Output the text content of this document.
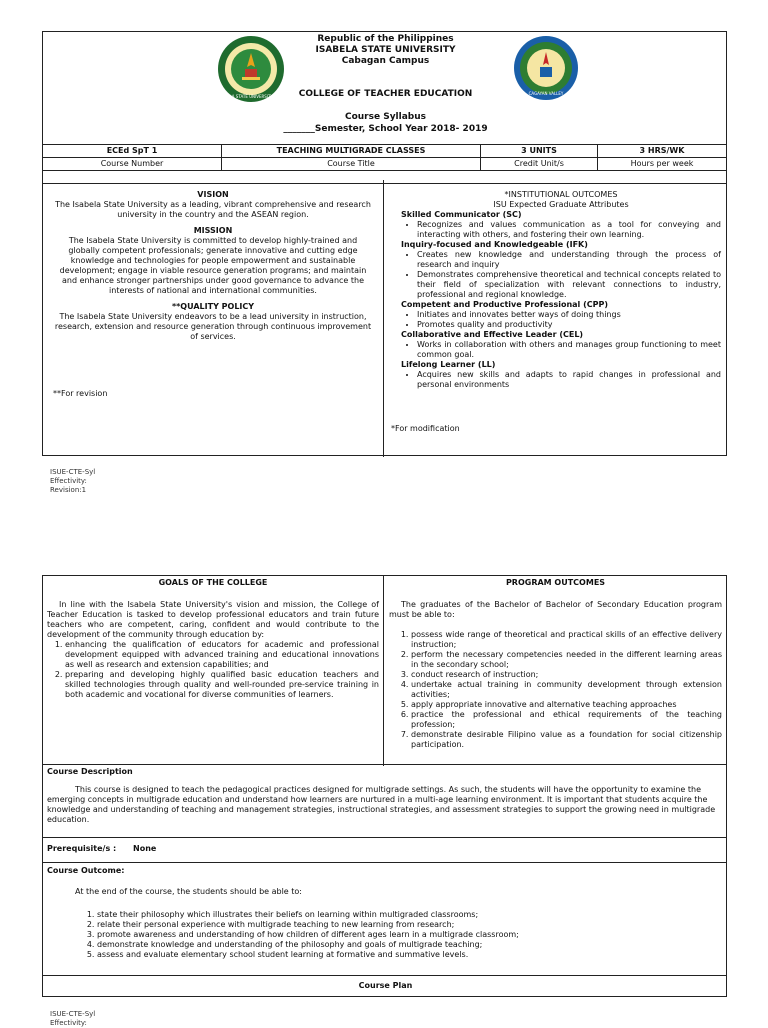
ISABELA STATE UNIVERSITY 1978
CAGAYAN VALLEY
Republic of the Philippines
ISABELA STATE UNIVERSITY
Cabagan Campus
COLLEGE OF TEACHER EDUCATION
Course Syllabus
_______Semester, School Year 2018- 2019
ECEd SpT 1	TEACHING MULTIGRADE CLASSES	3 UNITS	3 HRS/WK
Course Number	Course Title	Credit Unit/s	Hours per week

VISION
The Isabela State University as a leading, vibrant comprehensive and research university in the country and the ASEAN region.
MISSION
The Isabela State University is committed to develop highly-trained and globally competent professionals; generate innovative and cutting edge knowledge and technologies for people empowerment and sustainable development; engage in viable resource generation programs; and maintain and enhance stronger partnerships under good governance to advance the interests of national and international communities.
**QUALITY POLICY
The Isabela State University endeavors to be a lead university in instruction, research, extension and resource generation through continuous improvement of services.
**For revision
*INSTITUTIONAL OUTCOMES
ISU Expected Graduate Attributes
Skilled Communicator (SC)
• Recognizes and values communication as a tool for conveying and interacting with others, and fostering their own learning.
Inquiry-focused and Knowledgeable (IFK)
• Creates new knowledge and understanding through the process of research and inquiry
• Demonstrates comprehensive theoretical and technical concepts related to their field of specialization with relevant connections to industry, professional and regional knowledge.
Competent and Productive Professional (CPP)
• Initiates and innovates better ways of doing things
• Promotes quality and productivity
Collaborative and Effective Leader (CEL)
• Works in collaboration with others and manages group functioning to meet common goal.
Lifelong Learner (LL)
• Acquires new skills and adapts to rapid changes in professional and personal environments
*For modification
ISUE-CTE-Syl
Effectivity:
Revision:1
GOALS OF THE COLLEGE	PROGRAM OUTCOMES
In line with the Isabela State University's vision and mission, the College of Teacher Education is tasked to develop professional educators and train future teachers who are competent, caring, confident and would contribute to the development of the community through education by:
1. enhancing the qualification of educators for academic and professional development equipped with advanced training and educational innovations as well as research and extension capabilities; and
2. preparing and developing highly qualified basic education teachers and skilled technologies through quality and well-rounded pre-service training in both academic and vocational for diverse communities of learners.
The graduates of the Bachelor of Bachelor of Secondary Education program must be able to:
1. possess wide range of theoretical and practical skills of an effective delivery instruction;
2. perform the necessary competencies needed in the different learning areas in the secondary school;
3. conduct research of instruction;
4. undertake actual training in community development through extension activities;
5. apply appropriate innovative and alternative teaching approaches
6. practice the professional and ethical requirements of the teaching profession;
7. demonstrate desirable Filipino value as a foundation for social citizenship participation.
Course Description
This course is designed to teach the pedagogical practices designed for multigrade settings. As such, the students will have the opportunity to examine the emerging concepts in multigrade education and understand how learners are nurtured in a multi-age learning environment. It is important that students acquire the knowledge and understanding of teaching and management strategies, instructional strategies, and assessment strategies to support the growing need in multigrade education.
Prerequisite/s : None
Course Outcome:
At the end of the course, the students should be able to:
1. state their philosophy which illustrates their beliefs on learning within multigraded classrooms;
2. relate their personal experience with multigrade teaching to new learning from research;
3. promote awareness and understanding of how children of different ages learn in a multigrade classroom;
4. demonstrate knowledge and understanding of the philosophy and goals of multigrade teaching;
5. assess and evaluate elementary school student learning at formative and summative levels.
Course Plan
ISUE-CTE-Syl
Effectivity:
